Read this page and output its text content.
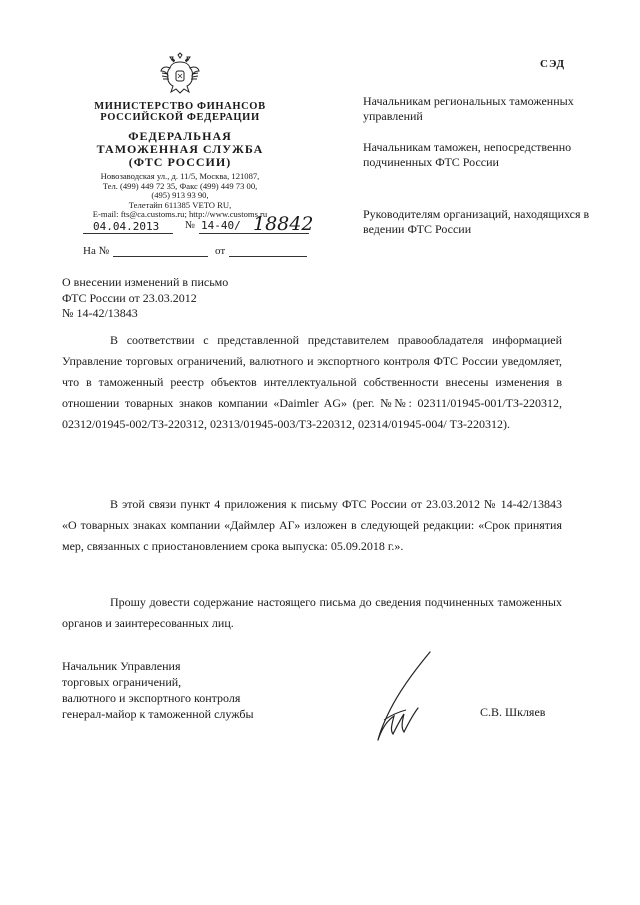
МИНИСТЕРСТВО ФИНАНСОВ
РОССИЙСКОЙ ФЕДЕРАЦИИ
ФЕДЕРАЛЬНАЯ
ТАМОЖЕННАЯ СЛУЖБА
(ФТС РОССИИ)
Новозаводская ул., д. 11/5, Москва, 121087,
Тел. (499) 449 72 35, Факс (499) 449 73 00,
(495) 913 93 90,
Телетайп 611385 VETO RU,
E-mail: fts@ca.customs.ru; http://www.customs.ru
04.04.2013 № 14-40/ 18842
На №	от
СЭД
Начальникам региональных таможенных управлений
Начальникам таможен, непосредственно подчиненных ФТС России
Руководителям организаций, находящихся в ведении ФТС России
О внесении изменений в письмо
ФТС России от 23.03.2012
№ 14-42/13843

В соответствии с представленной представителем правообладателя информацией Управление торговых ограничений, валютного и экспортного контроля ФТС России уведомляет, что в таможенный реестр объектов интеллектуальной собственности внесены изменения в отношении товарных знаков компании «Daimler AG» (рег. №№: 02311/01945-001/ТЗ-220312, 02312/01945-002/ТЗ-220312, 02313/01945-003/ТЗ-220312, 02314/01945-004/ ТЗ-220312).

В этой связи пункт 4 приложения к письму ФТС России от 23.03.2012 № 14-42/13843 «О товарных знаках компании «Даймлер АГ» изложен в следующей редакции: «Срок принятия мер, связанных с приостановлением срока выпуска: 05.09.2018 г.».

Прошу довести содержание настоящего письма до сведения подчиненных таможенных органов и заинтересованных лиц.

Начальник Управления
торговых ограничений,
валютного и экспортного контроля
генерал-майор к таможенной службы	С.В. Шкляев
